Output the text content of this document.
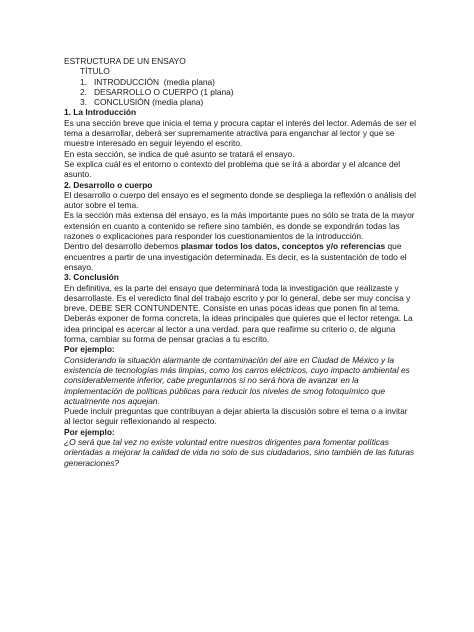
ESTRUCTURA DE UN ENSAYO
TÍTULO
1.   INTRODUCCIÓN  (media plana)
2.   DESARROLLO O CUERPO (1 plana)
3.   CONCLUSIÓN (media plana)
1. La Introducción

Es una sección breve que inicia el tema y procura captar el interés del lector. Además de ser el tema a desarrollar, deberá ser supremamente atractiva para enganchar al lector y que se muestre interesado en seguir leyendo el escrito.

En esta sección, se indica de qué asunto se tratará el ensayo.

Se explica cuál es el entorno o contexto del problema que se irá a abordar y el alcance del asunto.

2. Desarrollo o cuerpo

El desarrollo o cuerpo del ensayo es el segmento donde se despliega la reflexión o análisis del autor sobre el tema.

Es la sección más extensa del ensayo, es la más importante pues no sólo se trata de la mayor extensión en cuanto a contenido se refiere sino también, es donde se expondrán todas las razones o explicaciones para responder los cuestionamientos de la introducción.

Dentro del desarrollo debemos plasmar todos los datos, conceptos y/o referencias que encuentres a partir de una investigación determinada. Es decir, es la sustentación de todo el ensayo.

3. Conclusión

En definitiva, es la parte del ensayo que determinará toda la investigación que realizaste y desarrollaste. Es el veredicto final del trabajo escrito y por lo general, debe ser muy concisa y breve. DEBE SER CONTUNDENTE. Consiste en unas pocas ideas que ponen fin al tema. Deberás exponer de forma concreta, la ideas principales que quieres que el lector retenga. La idea principal es acercar al lector a una verdad. para que reafirme su criterio o, de alguna forma, cambiar su forma de pensar gracias a tu escrito.

Por ejemplo:

Considerando la situación alarmante de contaminación del aire en Ciudad de México y la existencia de tecnologías más limpias, como los carros eléctricos, cuyo impacto ambiental es considerablemente inferior, cabe preguntarnos si no será hora de avanzar en la implementación de políticas públicas para reducir los niveles de smog fotoquímico que actualmente nos aquejan.

Puede incluir preguntas que contribuyan a dejar abierta la discusión sobre el tema o a invitar al lector seguir reflexionando al respecto.

Por ejemplo:

¿O será que tal vez no existe voluntad entre nuestros dirigentes para fomentar políticas orientadas a mejorar la calidad de vida no solo de sus ciudadanos, sino también de las futuras generaciones?
